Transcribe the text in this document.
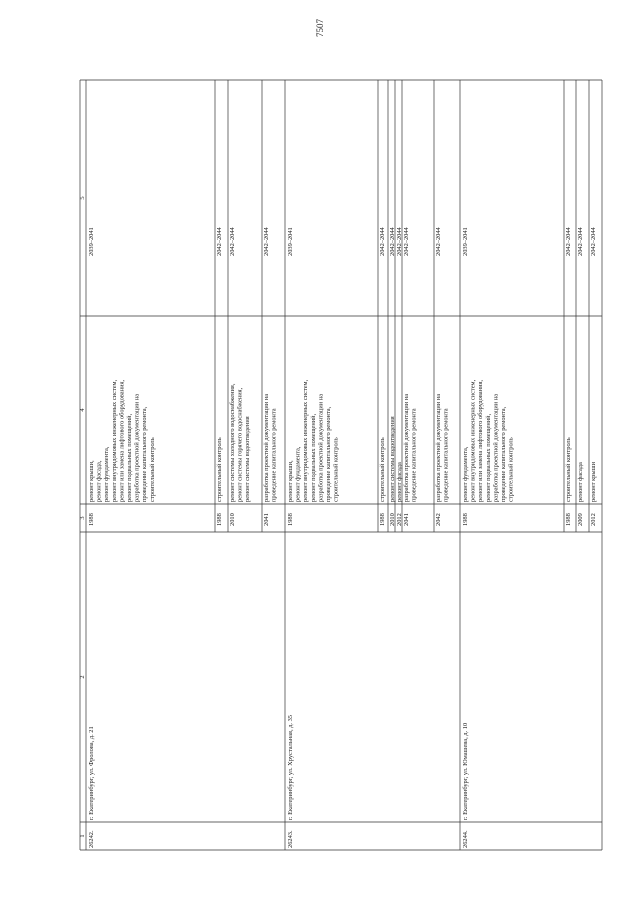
7507
1
2
3
4
5
26242.
г. Екатеринбург, ул. Фролова, д. 21
1988
ремонт крыши, ремонт фасада, ремонт фундамента, ремонт внутридомовых инженерных систем, ремонт или замена лифтового оборудования, ремонт подвальных помещений, разработка проектной документации на проведение капитального ремонта, строительный контроль
2039–2041
1988
строительный контроль
2042–2044
2010
ремонт системы холодного водоснабжения, ремонт системы горячего водоснабжения, ремонт системы водоотведения
2042–2044
2041
разработка проектной документации на проведение капитального ремонта
2042–2044
26243.
г. Екатеринбург, ул. Хрустальная, д. 35
1988
ремонт крыши, ремонт фундамента, ремонт внутридомовых инженерных систем, ремонт подвальных помещений, разработка проектной документации на проведение капитального ремонта, строительный контроль
2039–2041
1988
строительный контроль
2042–2044
2010
ремонт системы водоотведения
2042–2044
2012
ремонт фасада
2042–2044
2041
разработка проектной документации на проведение капитального ремонта
2042–2044
2042
разработка проектной документации на проведение капитального ремонта
2042–2044
26244.
г. Екатеринбург, ул. Юмашева, д. 10
1988
ремонт фундамента, ремонт внутридомовых инженерных систем, ремонт или замена лифтового оборудования, ремонт подвальных помещений, разработка проектной документации на проведение капитального ремонта, строительный контроль
2039–2041
1988
строительный контроль
2042–2044
2009
ремонт фасада
2042–2044
2012
ремонт крыши
2042–2044
